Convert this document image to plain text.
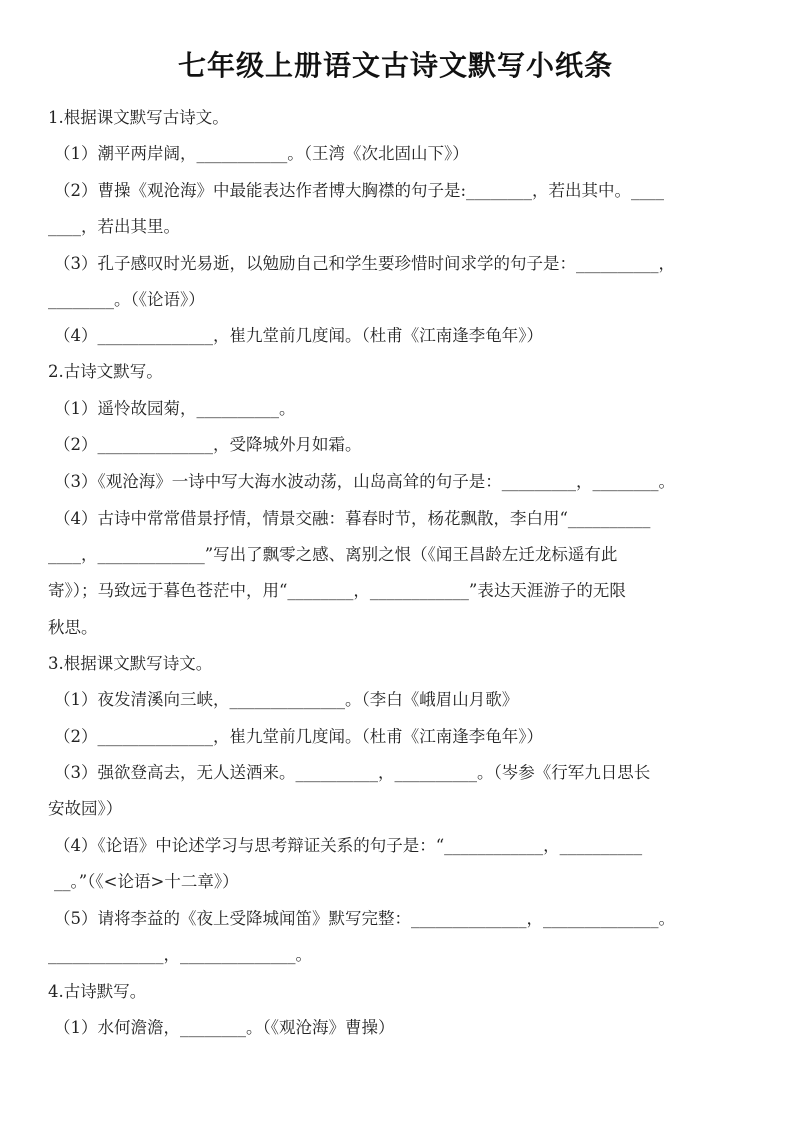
七年级上册语文古诗文默写小纸条
1.根据课文默写古诗文。
（1）潮平两岸阔，___________。（王湾《次北固山下》）
（2）曹操《观沧海》中最能表达作者博大胸襟的句子是:________，若出其中。____
____，若出其里。
（3）孔子感叹时光易逝，以勉励自己和学生要珍惜时间求学的句子是：__________，
________。（《论语》）
（4）______________，崔九堂前几度闻。（杜甫《江南逢李龟年》）
2.古诗文默写。
（1）遥怜故园菊，__________。
（2）______________，受降城外月如霜。
（3）《观沧海》一诗中写大海水波动荡，山岛高耸的句子是：_________，________。
（4）古诗中常常借景抒情，情景交融：暮春时节，杨花飘散，李白用“__________
____，_____________”写出了飘零之感、离别之恨（《闻王昌龄左迁龙标遥有此
寄》）；马致远于暮色苍茫中，用“________，____________”表达天涯游子的无限
秋思。
3.根据课文默写诗文。
（1）夜发清溪向三峡，______________。（李白《峨眉山月歌》
（2）______________，崔九堂前几度闻。（杜甫《江南逢李龟年》）
（3）强欲登高去，无人送酒来。__________，__________。（岑参《行军九日思长
安故园》）
（4）《论语》中论述学习与思考辩证关系的句子是：“____________，__________
__。”（《<论语>十二章》）
（5）请将李益的《夜上受降城闻笛》默写完整：______________，______________。
______________，______________。
4.古诗默写。
（1）水何澹澹，________。（《观沧海》曹操）
